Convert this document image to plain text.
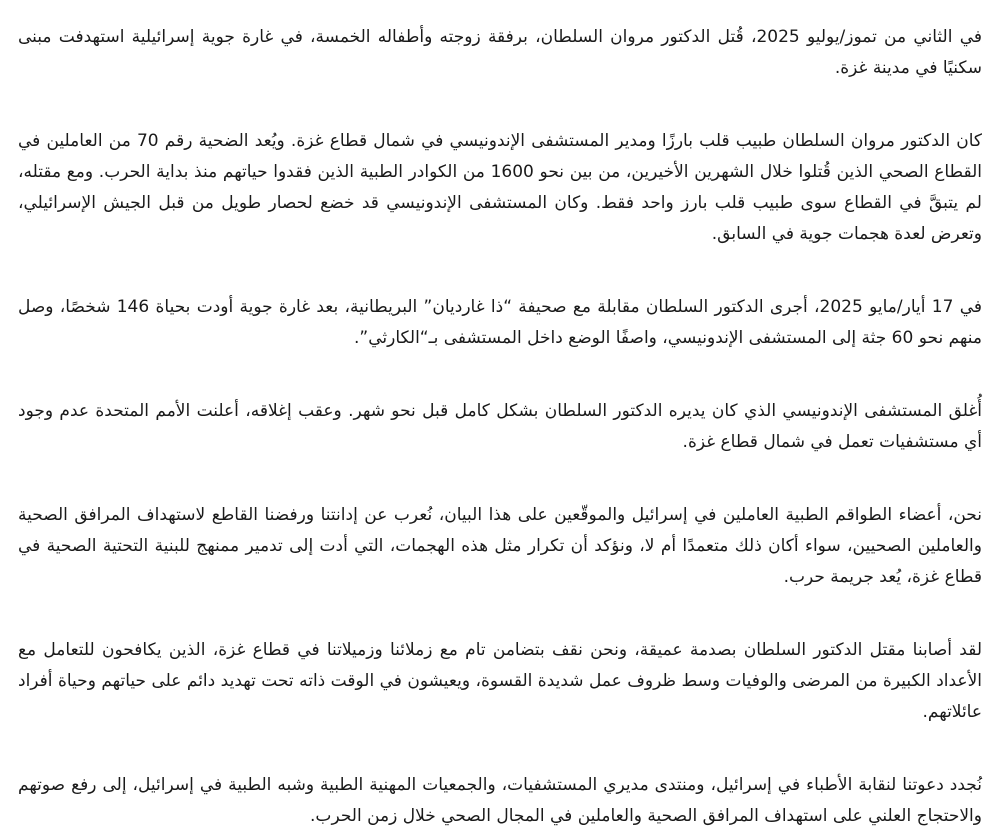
في الثاني من تموز/يوليو 2025، قُتل الدكتور مروان السلطان، برفقة زوجته وأطفاله الخمسة، في غارة جوية إسرائيلية استهدفت مبنى سكنيًا في مدينة غزة.

كان الدكتور مروان السلطان طبيب قلب بارزًا ومدير المستشفى الإندونيسي في شمال قطاع غزة. ويُعد الضحية رقم 70 من العاملين في القطاع الصحي الذين قُتلوا خلال الشهرين الأخيرين، من بين نحو 1600 من الكوادر الطبية الذين فقدوا حياتهم منذ بداية الحرب. ومع مقتله، لم يتبقَّ في القطاع سوى طبيب قلب بارز واحد فقط. وكان المستشفى الإندونيسي قد خضع لحصار طويل من قبل الجيش الإسرائيلي، وتعرض لعدة هجمات جوية في السابق.

في 17 أيار/مايو 2025، أجرى الدكتور السلطان مقابلة مع صحيفة “ذا غارديان” البريطانية، بعد غارة جوية أودت بحياة 146 شخصًا، وصل منهم نحو 60 جثة إلى المستشفى الإندونيسي، واصفًا الوضع داخل المستشفى بـ“الكارثي”.

أُغلق المستشفى الإندونيسي الذي كان يديره الدكتور السلطان بشكل كامل قبل نحو شهر. وعقب إغلاقه، أعلنت الأمم المتحدة عدم وجود أي مستشفيات تعمل في شمال قطاع غزة.

نحن، أعضاء الطواقم الطبية العاملين في إسرائيل والموقّعين على هذا البيان، نُعرب عن إدانتنا ورفضنا القاطع لاستهداف المرافق الصحية والعاملين الصحيين، سواء أكان ذلك متعمدًا أم لا، ونؤكد أن تكرار مثل هذه الهجمات، التي أدت إلى تدمير ممنهج للبنية التحتية الصحية في قطاع غزة، يُعد جريمة حرب.

لقد أصابنا مقتل الدكتور السلطان بصدمة عميقة، ونحن نقف بتضامن تام مع زملائنا وزميلاتنا في قطاع غزة، الذين يكافحون للتعامل مع الأعداد الكبيرة من المرضى والوفيات وسط ظروف عمل شديدة القسوة، ويعيشون في الوقت ذاته تحت تهديد دائم على حياتهم وحياة أفراد عائلاتهم.

نُجدد دعوتنا لنقابة الأطباء في إسرائيل، ومنتدى مديري المستشفيات، والجمعيات المهنية الطبية وشبه الطبية في إسرائيل، إلى رفع صوتهم والاحتجاج العلني على استهداف المرافق الصحية والعاملين في المجال الصحي خلال زمن الحرب.
